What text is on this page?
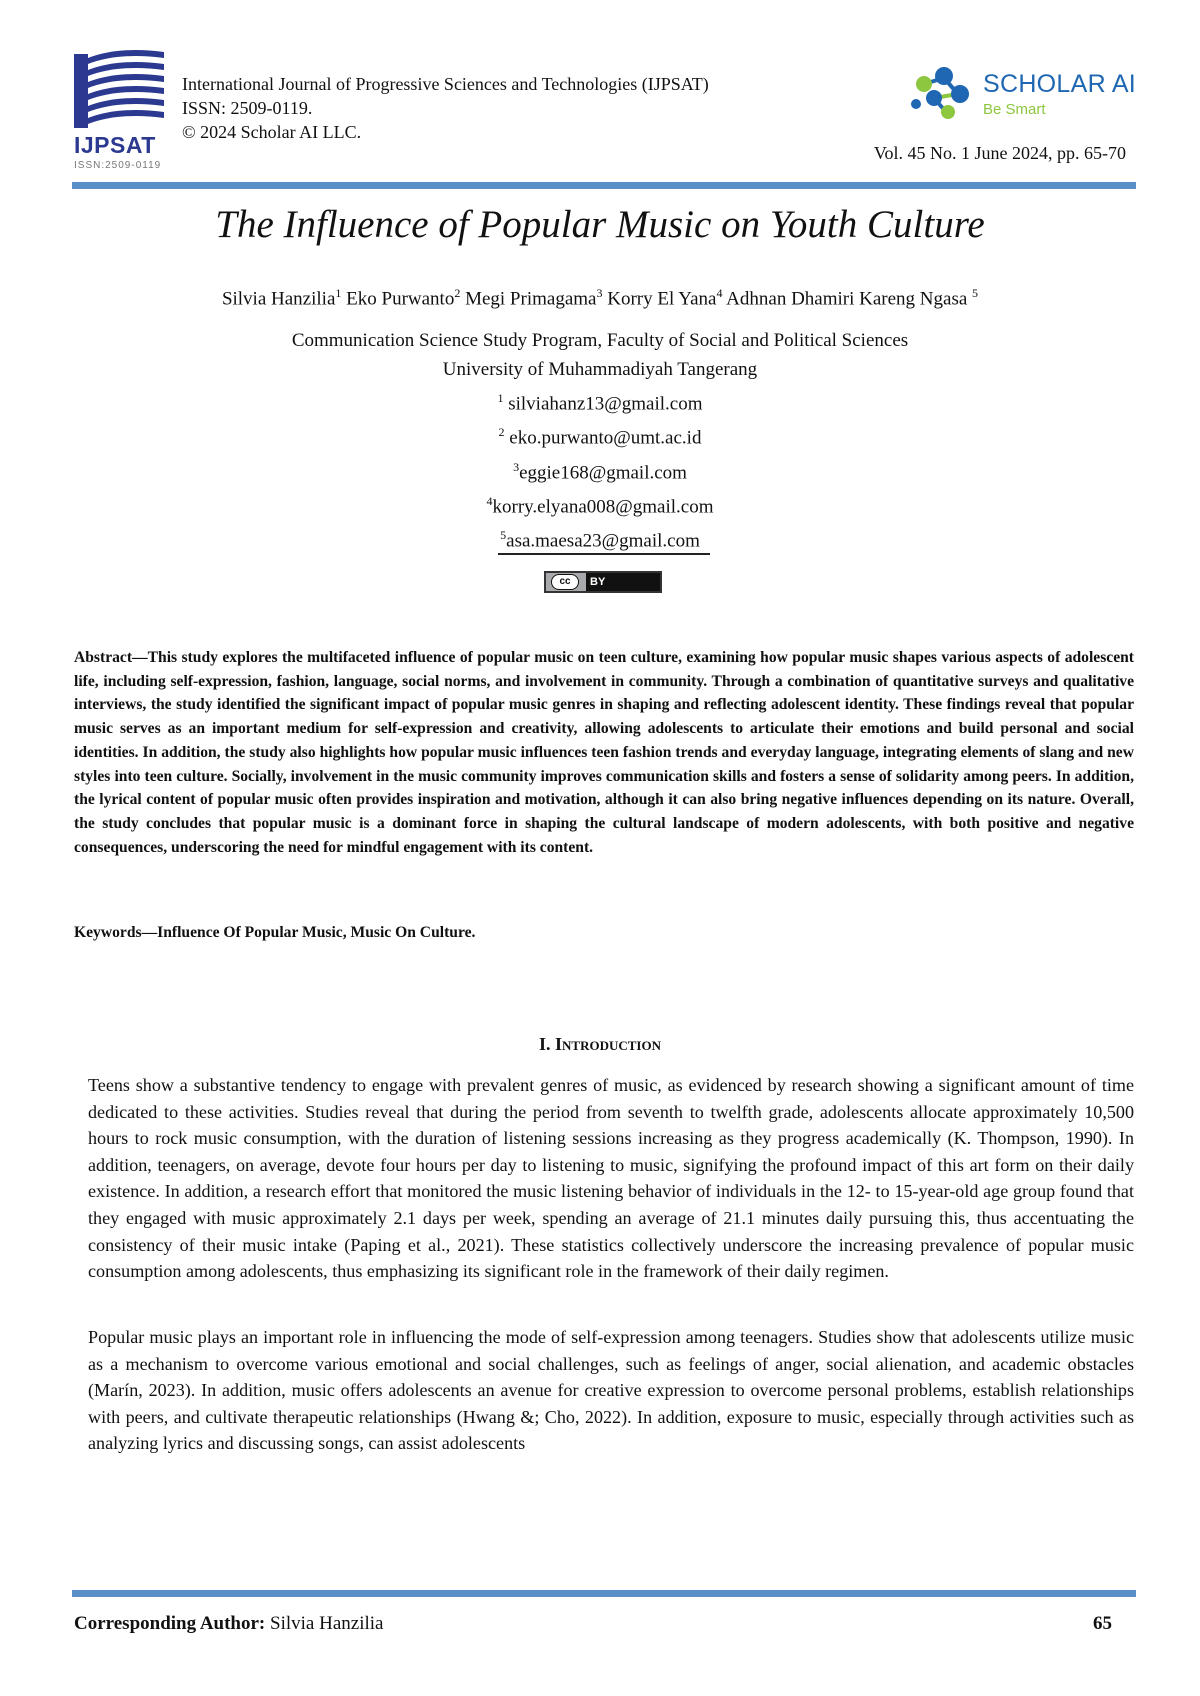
IJPSAT
ISSN:2509-0119
International Journal of Progressive Sciences and Technologies (IJPSAT)
ISSN: 2509-0119.
© 2024 Scholar AI LLC.
SCHOLAR AI
Be Smart
Vol. 45 No. 1 June 2024, pp. 65-70
The Influence of Popular Music on Youth Culture
Silvia Hanzilia$^1$ Eko Purwanto$^2$ Megi Primagama$^3$ Korry El Yana$^4$ Adhnan Dhamiri Kareng Ngasa $^5$
Communication Science Study Program, Faculty of Social and Political Sciences
University of Muhammadiyah Tangerang
$^1$ silviahanz13@gmail.com
$^2$ eko.purwanto@umt.ac.id
$^3$eggie168@gmail.com
$^4$korry.elyana008@gmail.com
$^5$asa.maesa23@gmail.com
cc	BY
Abstract—This study explores the multifaceted influence of popular music on teen culture, examining how popular music shapes various aspects of adolescent life, including self-expression, fashion, language, social norms, and involvement in community. Through a combination of quantitative surveys and qualitative interviews, the study identified the significant impact of popular music genres in shaping and reflecting adolescent identity. These findings reveal that popular music serves as an important medium for self-expression and creativity, allowing adolescents to articulate their emotions and build personal and social identities. In addition, the study also highlights how popular music influences teen fashion trends and everyday language, integrating elements of slang and new styles into teen culture. Socially, involvement in the music community improves communication skills and fosters a sense of solidarity among peers. In addition, the lyrical content of popular music often provides inspiration and motivation, although it can also bring negative influences depending on its nature. Overall, the study concludes that popular music is a dominant force in shaping the cultural landscape of modern adolescents, with both positive and negative consequences, underscoring the need for mindful engagement with its content.
Keywords—Influence Of Popular Music, Music On Culture.
I. Introduction
Teens show a substantive tendency to engage with prevalent genres of music, as evidenced by research showing a significant amount of time dedicated to these activities. Studies reveal that during the period from seventh to twelfth grade, adolescents allocate approximately 10,500 hours to rock music consumption, with the duration of listening sessions increasing as they progress academically (K. Thompson, 1990). In addition, teenagers, on average, devote four hours per day to listening to music, signifying the profound impact of this art form on their daily existence. In addition, a research effort that monitored the music listening behavior of individuals in the 12- to 15-year-old age group found that they engaged with music approximately 2.1 days per week, spending an average of 21.1 minutes daily pursuing this, thus accentuating the consistency of their music intake (Paping et al., 2021). These statistics collectively underscore the increasing prevalence of popular music consumption among adolescents, thus emphasizing its significant role in the framework of their daily regimen.
Popular music plays an important role in influencing the mode of self-expression among teenagers. Studies show that adolescents utilize music as a mechanism to overcome various emotional and social challenges, such as feelings of anger, social alienation, and academic obstacles (Marín, 2023). In addition, music offers adolescents an avenue for creative expression to overcome personal problems, establish relationships with peers, and cultivate therapeutic relationships (Hwang &; Cho, 2022). In addition, exposure to music, especially through activities such as analyzing lyrics and discussing songs, can assist adolescents
Corresponding Author: Silvia Hanzilia	65
